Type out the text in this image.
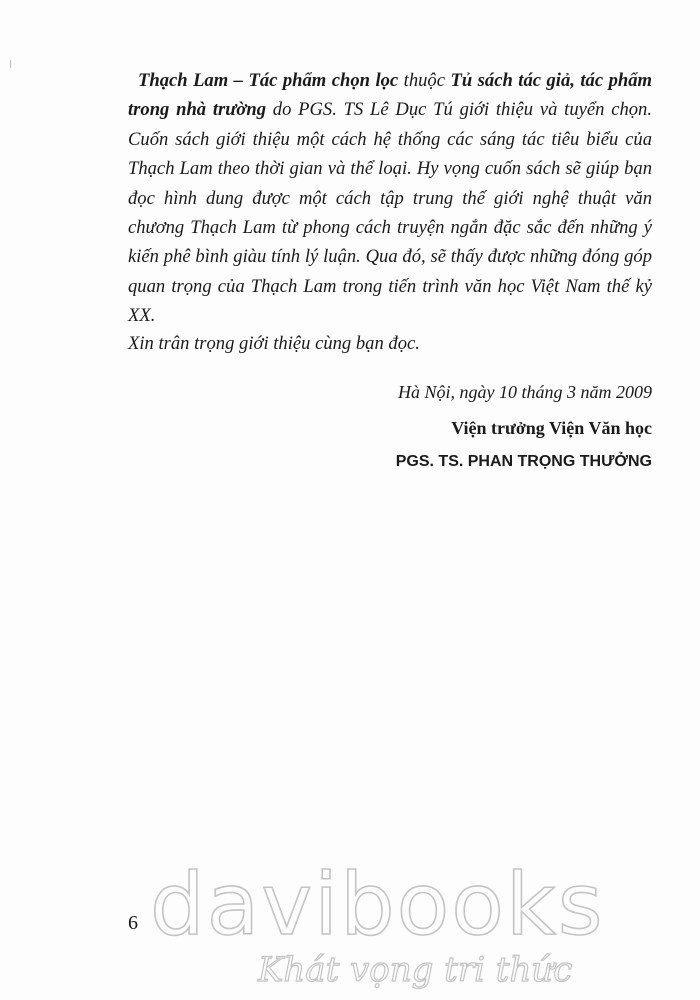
Thạch Lam – Tác phẩm chọn lọc thuộc Tủ sách tác giả, tác phẩm trong nhà trường do PGS. TS Lê Dục Tú giới thiệu và tuyển chọn. Cuốn sách giới thiệu một cách hệ thống các sáng tác tiêu biểu của Thạch Lam theo thời gian và thể loại. Hy vọng cuốn sách sẽ giúp bạn đọc hình dung được một cách tập trung thế giới nghệ thuật văn chương Thạch Lam từ phong cách truyện ngắn đặc sắc đến những ý kiến phê bình giàu tính lý luận. Qua đó, sẽ thấy được những đóng góp quan trọng của Thạch Lam trong tiến trình văn học Việt Nam thế kỷ XX.

Xin trân trọng giới thiệu cùng bạn đọc.

Hà Nội, ngày 10 tháng 3 năm 2009

Viện trưởng Viện Văn học

PGS. TS. PHAN TRỌNG THƯỞNG

davibooks

Khát vọng tri thức

6
